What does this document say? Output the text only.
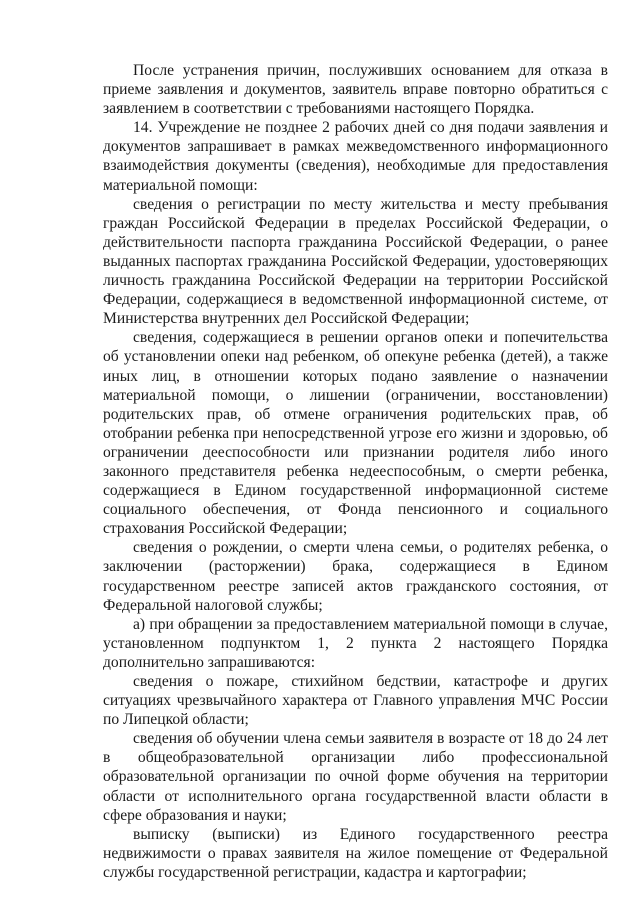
После устранения причин, послуживших основанием для отказа в приеме заявления и документов, заявитель вправе повторно обратиться с заявлением в соответствии с требованиями настоящего Порядка.

14. Учреждение не позднее 2 рабочих дней со дня подачи заявления и документов запрашивает в рамках межведомственного информационного взаимодействия документы (сведения), необходимые для предоставления материальной помощи:

сведения о регистрации по месту жительства и месту пребывания граждан Российской Федерации в пределах Российской Федерации, о действительности паспорта гражданина Российской Федерации, о ранее выданных паспортах гражданина Российской Федерации, удостоверяющих личность гражданина Российской Федерации на территории Российской Федерации, содержащиеся в ведомственной информационной системе, от Министерства внутренних дел Российской Федерации;

сведения, содержащиеся в решении органов опеки и попечительства об установлении опеки над ребенком, об опекуне ребенка (детей), а также иных лиц, в отношении которых подано заявление о назначении материальной помощи, о лишении (ограничении, восстановлении) родительских прав, об отмене ограничения родительских прав, об отобрании ребенка при непосредственной угрозе его жизни и здоровью, об ограничении дееспособности или признании родителя либо иного законного представителя ребенка недееспособным, о смерти ребенка, содержащиеся в Едином государственной информационной системе социального обеспечения, от Фонда пенсионного и социального страхования Российской Федерации;

сведения о рождении, о смерти члена семьи, о родителях ребенка, о заключении (расторжении) брака, содержащиеся в Едином государственном реестре записей актов гражданского состояния, от Федеральной налоговой службы;

а) при обращении за предоставлением материальной помощи в случае, установленном подпунктом 1, 2 пункта 2 настоящего Порядка дополнительно запрашиваются:

сведения о пожаре, стихийном бедствии, катастрофе и других ситуациях чрезвычайного характера от Главного управления МЧС России по Липецкой области;

сведения об обучении члена семьи заявителя в возрасте от 18 до 24 лет в общеобразовательной организации либо профессиональной образовательной организации по очной форме обучения на территории области от исполнительного органа государственной власти области в сфере образования и науки;

выписку (выписки) из Единого государственного реестра недвижимости о правах заявителя на жилое помещение от Федеральной службы государственной регистрации, кадастра и картографии;
